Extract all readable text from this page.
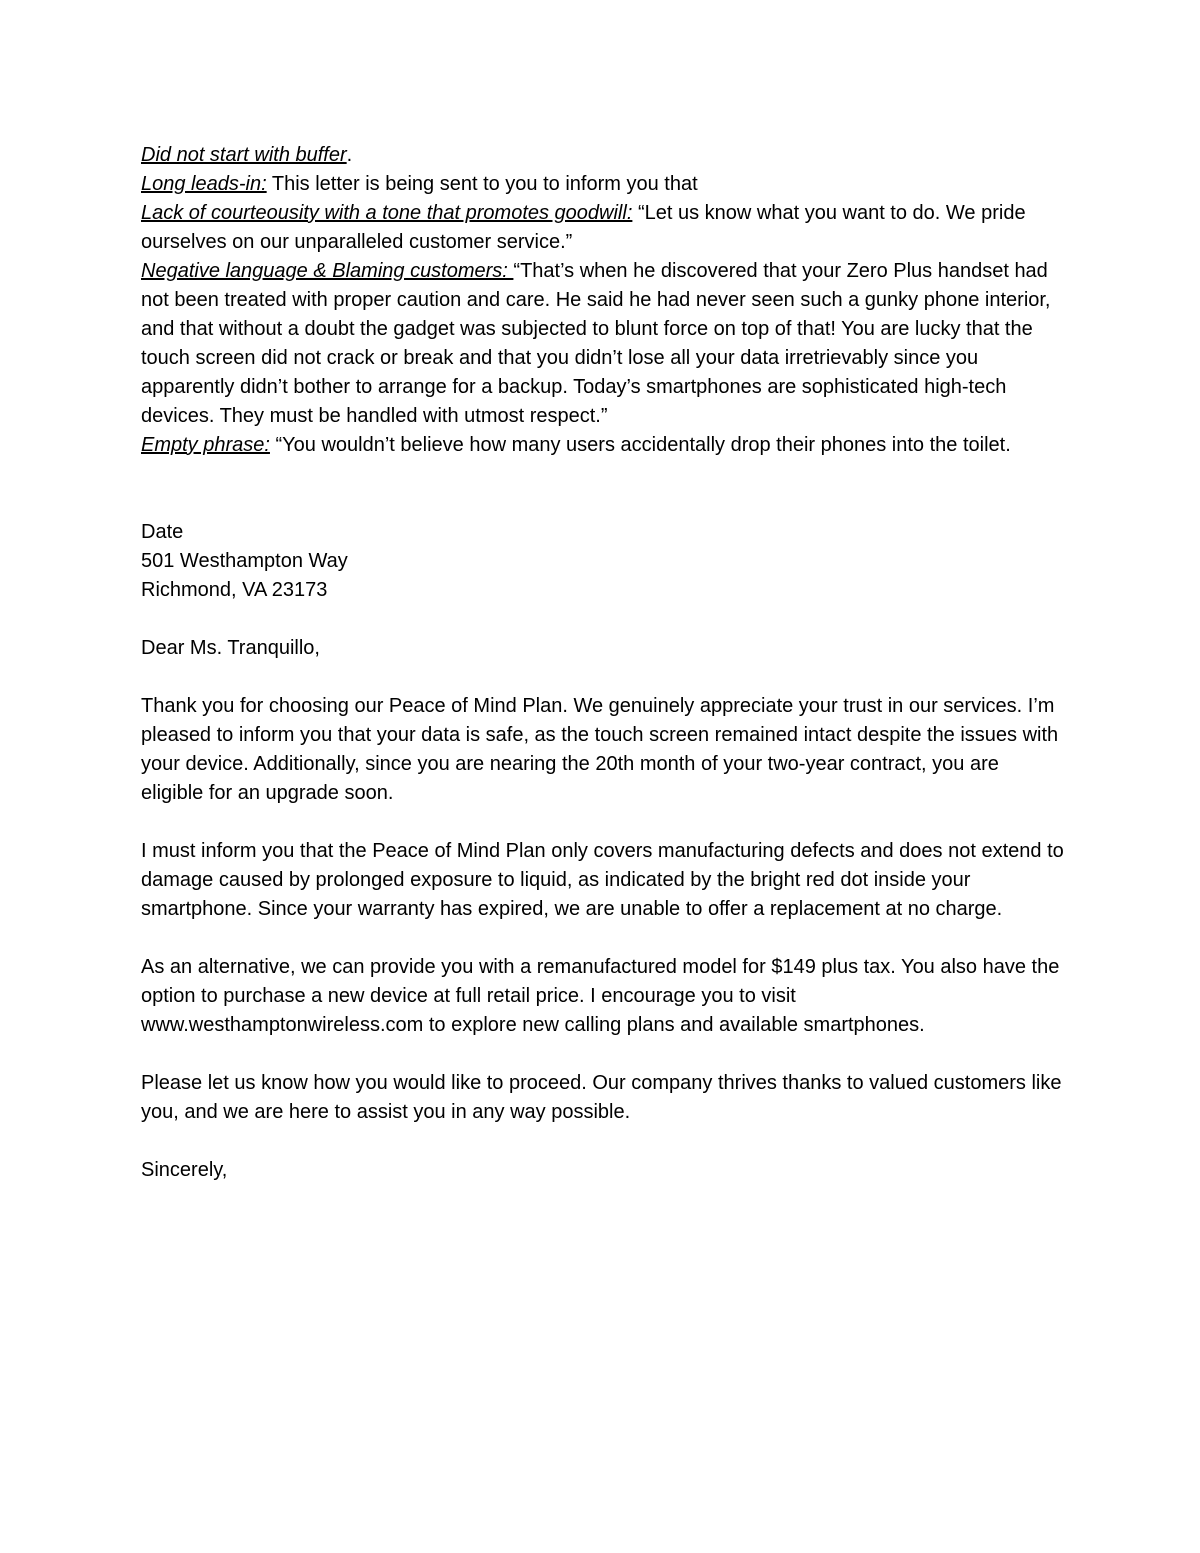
Did not start with buffer.

Long leads-in: This letter is being sent to you to inform you that

Lack of courteousity with a tone that promotes goodwill: “Let us know what you want to do. We pride ourselves on our unparalleled customer service.”

Negative language & Blaming customers: “That’s when he discovered that your Zero Plus handset had not been treated with proper caution and care. He said he had never seen such a gunky phone interior, and that without a doubt the gadget was subjected to blunt force on top of that! You are lucky that the touch screen did not crack or break and that you didn’t lose all your data irretrievably since you apparently didn’t bother to arrange for a backup. Today’s smartphones are sophisticated high-tech devices. They must be handled with utmost respect.”

Empty phrase: “You wouldn’t believe how many users accidentally drop their phones into the toilet.

Date

501 Westhampton Way

Richmond, VA 23173

Dear Ms. Tranquillo,

Thank you for choosing our Peace of Mind Plan. We genuinely appreciate your trust in our services. I’m pleased to inform you that your data is safe, as the touch screen remained intact despite the issues with your device. Additionally, since you are nearing the 20th month of your two-year contract, you are eligible for an upgrade soon.

I must inform you that the Peace of Mind Plan only covers manufacturing defects and does not extend to damage caused by prolonged exposure to liquid, as indicated by the bright red dot inside your smartphone. Since your warranty has expired, we are unable to offer a replacement at no charge.

As an alternative, we can provide you with a remanufactured model for $149 plus tax. You also have the option to purchase a new device at full retail price. I encourage you to visit www.westhamptonwireless.com to explore new calling plans and available smartphones.

Please let us know how you would like to proceed. Our company thrives thanks to valued customers like you, and we are here to assist you in any way possible.

Sincerely,
